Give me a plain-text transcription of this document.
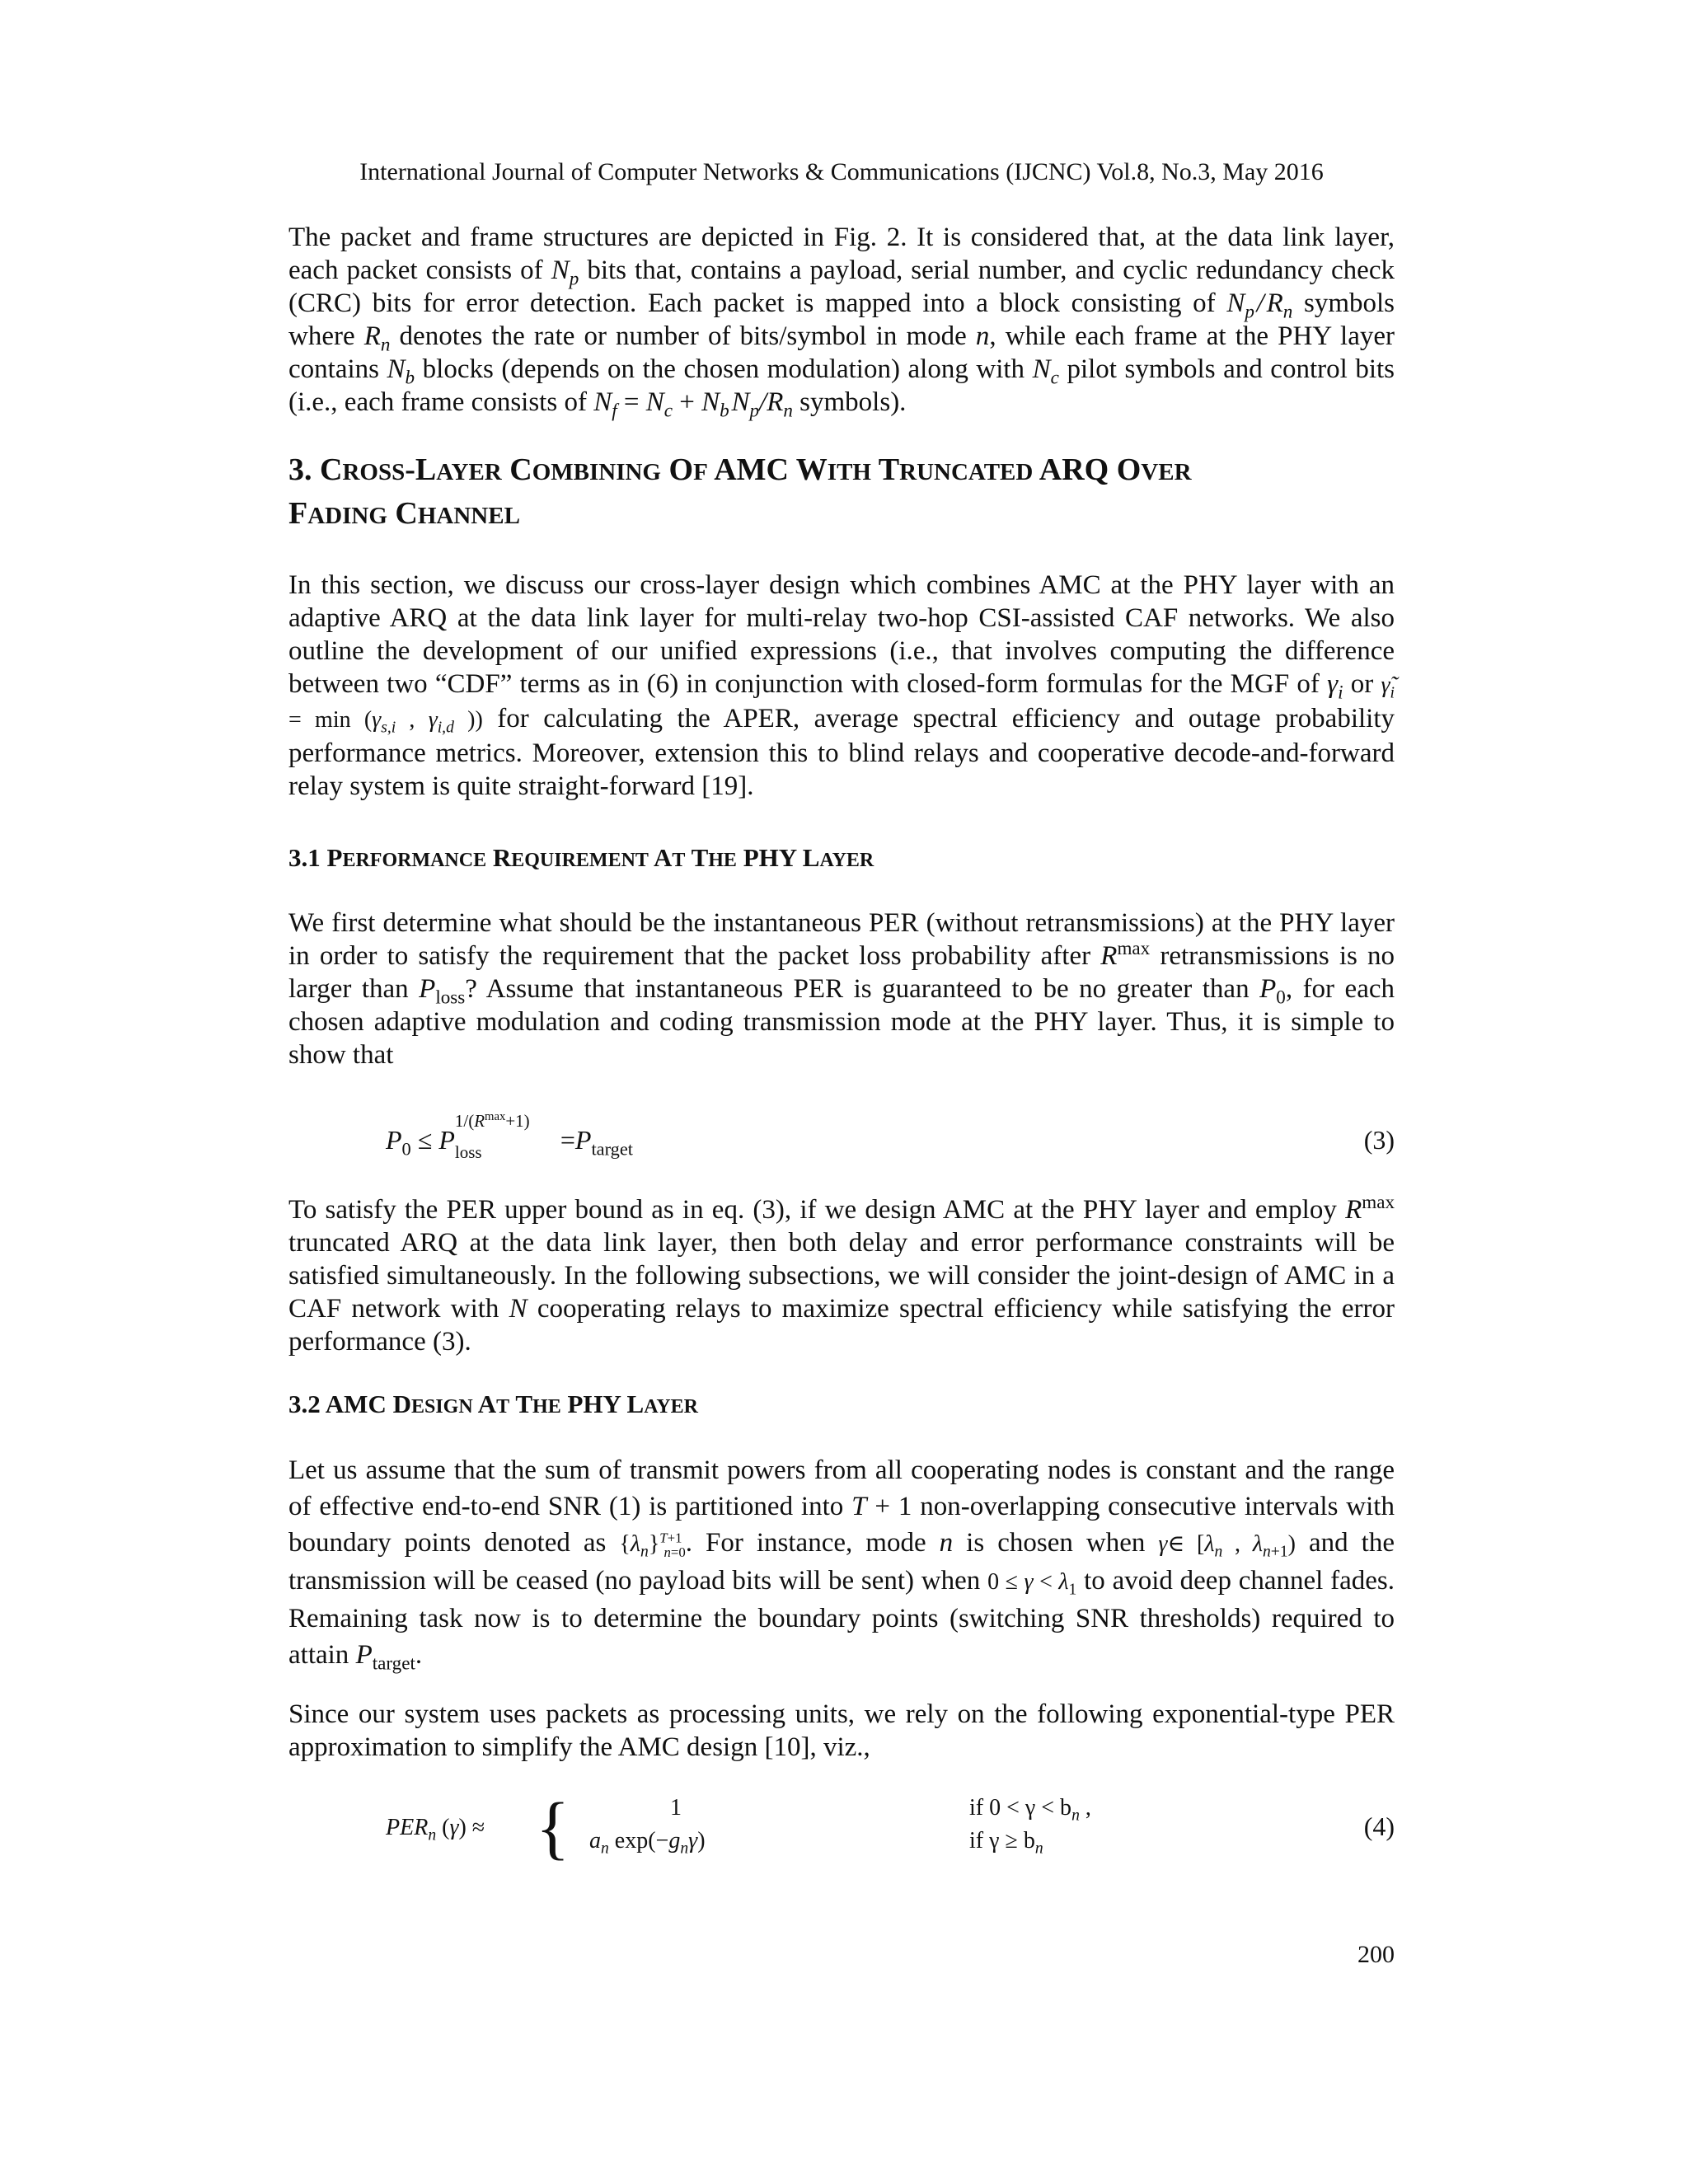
International Journal of Computer Networks & Communications (IJCNC) Vol.8, No.3, May 2016

The packet and frame structures are depicted in Fig. 2. It is considered that, at the data link layer, each packet consists of $N_p$ bits that, contains a payload, serial number, and cyclic redundancy check (CRC) bits for error detection. Each packet is mapped into a block consisting of $N_p$ / $R_n$ symbols where $R_n$ denotes the rate or number of bits/symbol in mode n, while each frame at the PHY layer contains $N_b$ blocks (depends on the chosen modulation) along with $N_c$ pilot symbols and control bits (i.e., each frame consists of $N_f = N_c + N_b$ $N_p/R_n$ symbols).

3. CROSS-LAYER COMBINING OF AMC WITH TRUNCATED ARQ OVER
FADING CHANNEL

In this section, we discuss our cross-layer design which combines AMC at the PHY layer with an adaptive ARQ at the data link layer for multi-relay two-hop CSI-assisted CAF networks. We also outline the development of our unified expressions (i.e., that involves computing the difference between two “CDF” terms as in (6) in conjunction with closed-form formulas for the MGF of $\gamma_i$ or $\gammã_i = \min (\gamma_{s,i}$ , $\gamma_{i,d}$ )) for calculating the APER, average spectral efficiency and outage probability performance metrics. Moreover, extension this to blind relays and cooperative decode-and-forward relay system is quite straight-forward [19].

3.1 PERFORMANCE REQUIREMENT AT THE PHY LAYER

We first determine what should be the instantaneous PER (without retransmissions) at the PHY layer in order to satisfy the requirement that the packet loss probability after $R^{max}$ retransmissions is no larger than $P_{loss}$? Assume that instantaneous PER is guaranteed to be no greater than $P_0$, for each chosen adaptive modulation and coding transmission mode at the PHY layer. Thus, it is simple to show that

$P_0 \le P$
$1/(R^{max}+1)$
loss	$=P_{target}$	(3)

To satisfy the PER upper bound as in eq. (3), if we design AMC at the PHY layer and employ $R^{max}$ truncated ARQ at the data link layer, then both delay and error performance constraints will be satisfied simultaneously. In the following subsections, we will consider the joint-design of AMC in a CAF network with N cooperating relays to maximize spectral efficiency while satisfying the error performance (3).

3.2 AMC DESIGN AT THE PHY LAYER

Let us assume that the sum of transmit powers from all cooperating nodes is constant and the range of effective end-to-end SNR (1) is partitioned into T + 1 non-overlapping consecutive intervals with boundary points denoted as $\{\lambda_n\}^{T+1}_{n=0}$. For instance, mode n is chosen when γ∈ [$\lambda_n$ , $\lambda_{n+1}$) and the transmission will be ceased (no payload bits will be sent) when $0 \le \gamma < \lambda_1$ to avoid deep channel fades. Remaining task now is to determine the boundary points (switching SNR thresholds) required to attain $P_{target}$.

Since our system uses packets as processing units, we rely on the following exponential-type PER approximation to simplify the AMC design [10], viz.,

$PER_n$ (γ) ≈ {	1
$a_n$ $\exp(-g_n\gamma)$
if $0 < \gamma < b_n$ ,
if $\gamma \ge b_n$
(4)
200
